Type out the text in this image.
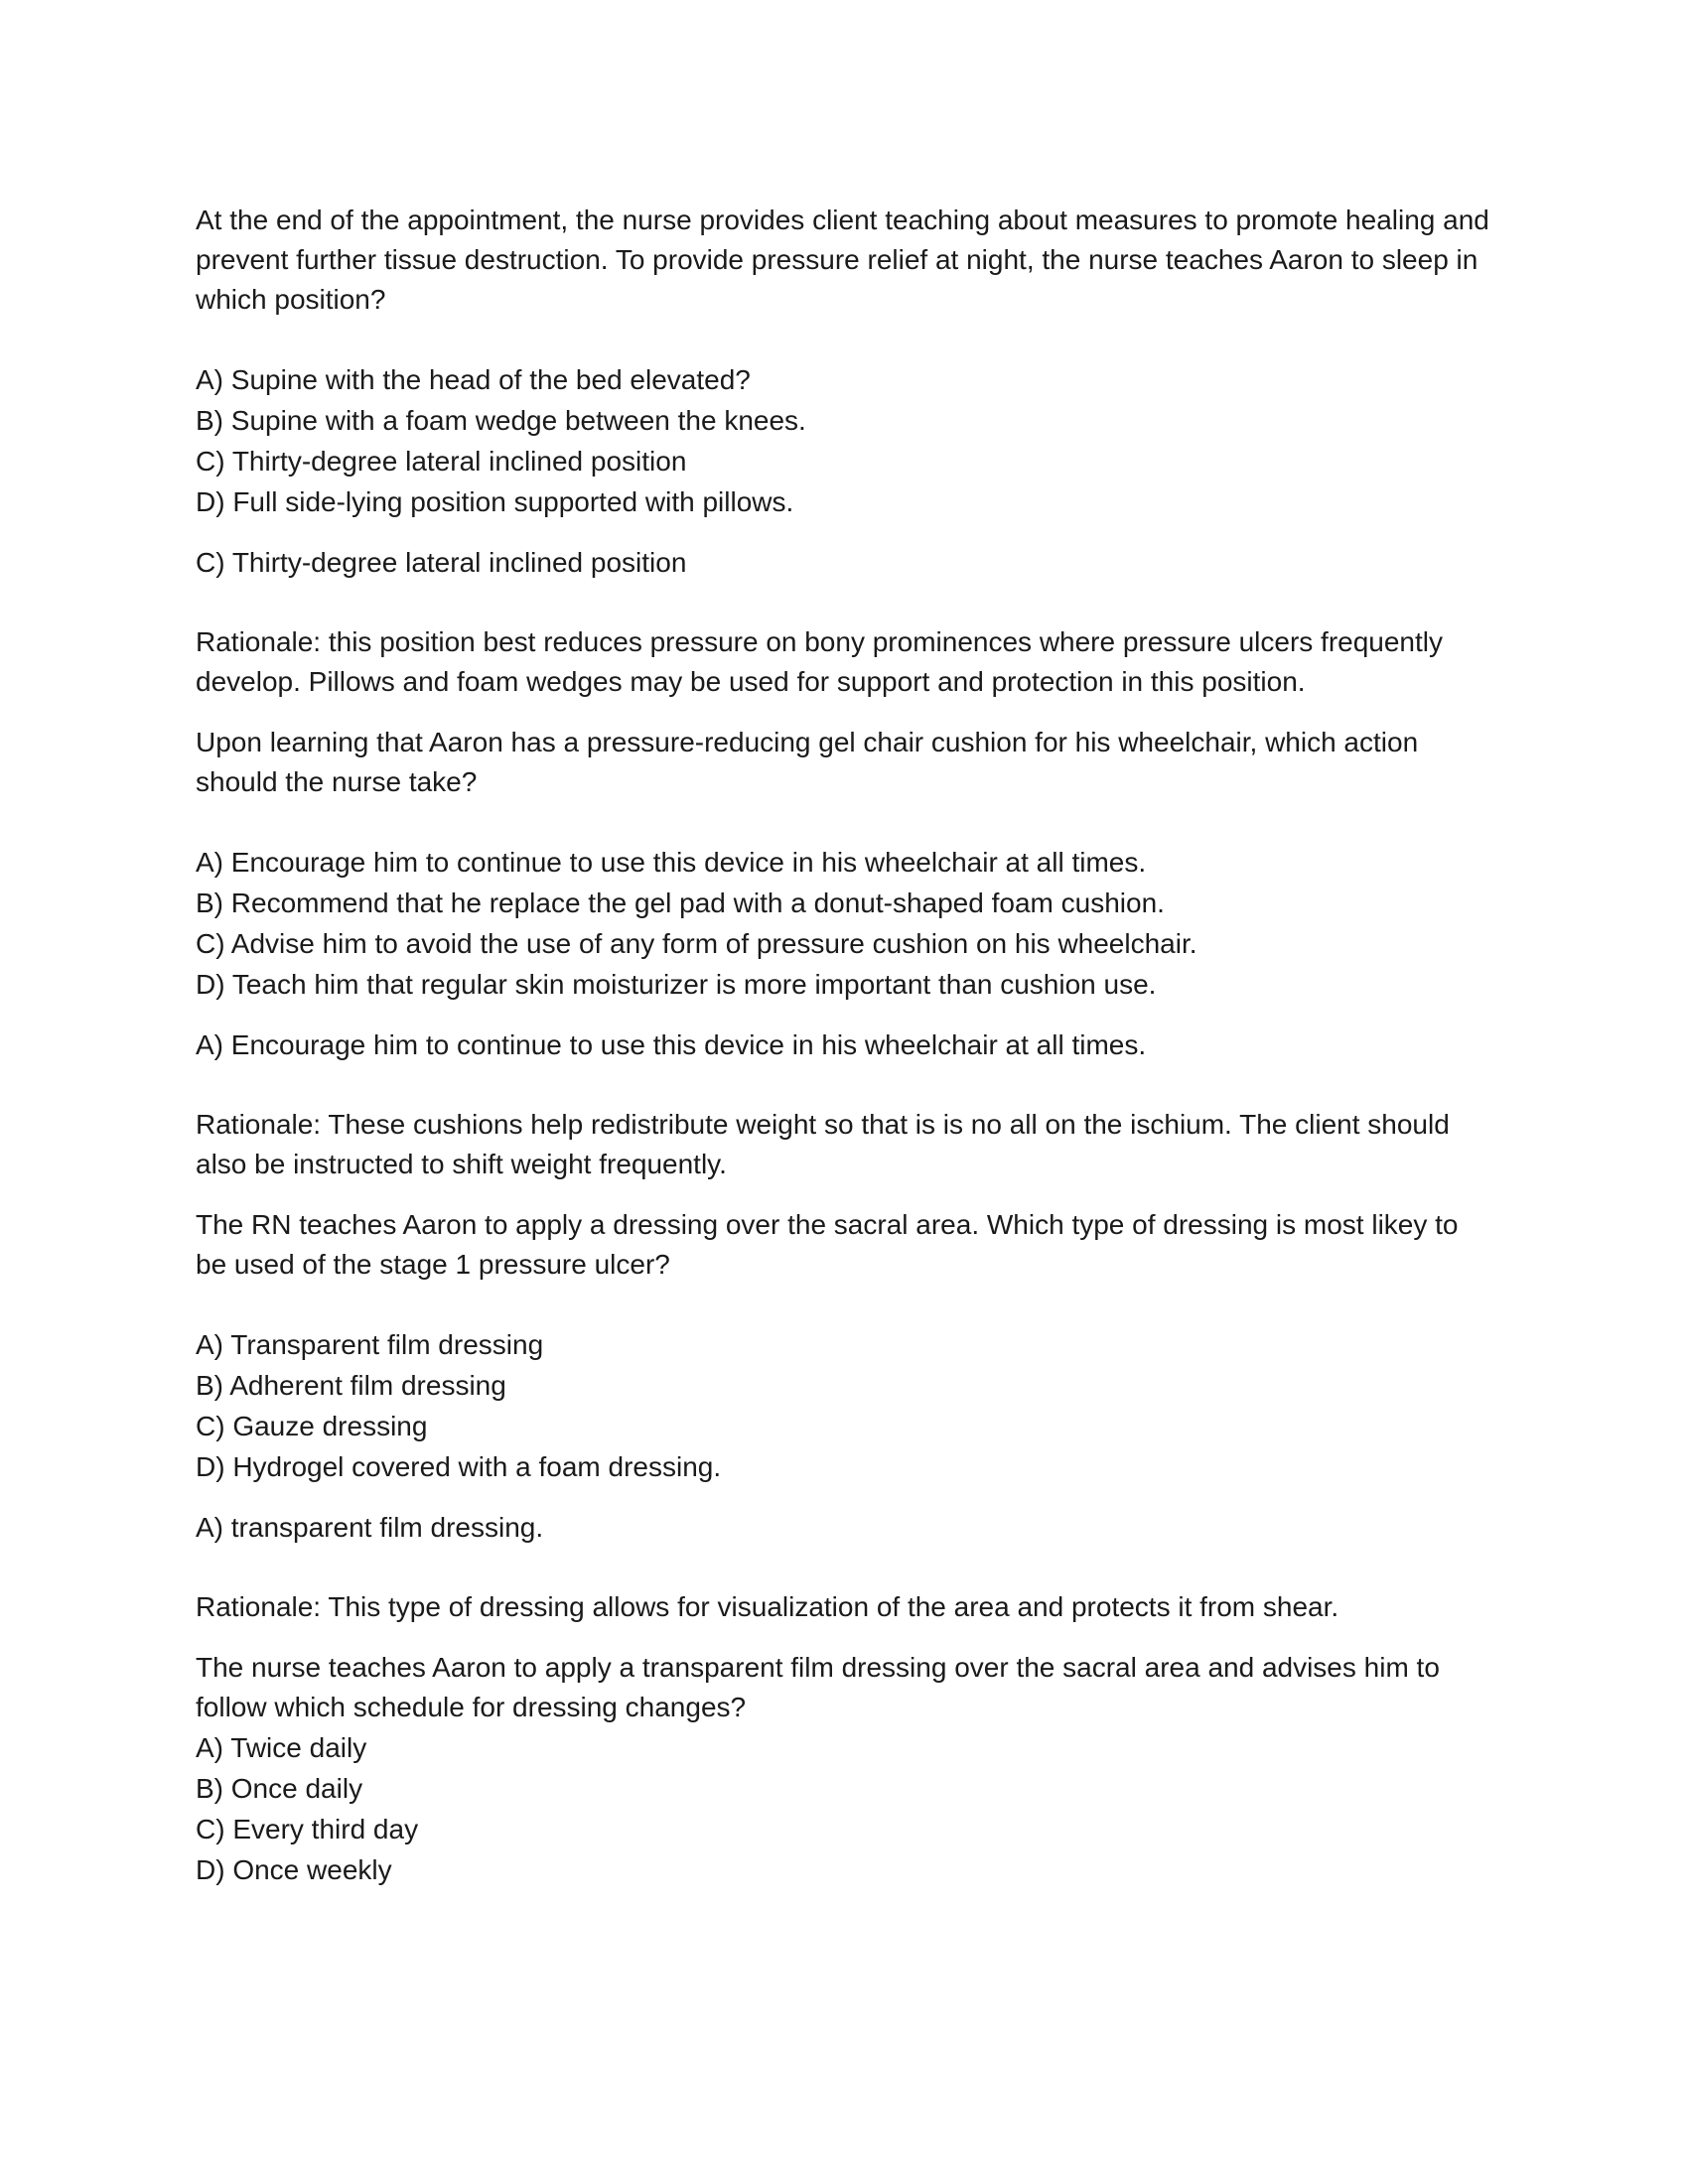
At the end of the appointment, the nurse provides client teaching about measures to promote healing and prevent further tissue destruction. To provide pressure relief at night, the nurse teaches Aaron to sleep in which position?

A) Supine with the head of the bed elevated?
B) Supine with a foam wedge between the knees.
C) Thirty-degree lateral inclined position
D) Full side-lying position supported with pillows.

C) Thirty-degree lateral inclined position

Rationale: this position best reduces pressure on bony prominences where pressure ulcers frequently develop. Pillows and foam wedges may be used for support and protection in this position.

Upon learning that Aaron has a pressure-reducing gel chair cushion for his wheelchair, which action should the nurse take?

A) Encourage him to continue to use this device in his wheelchair at all times.
B) Recommend that he replace the gel pad with a donut-shaped foam cushion.
C) Advise him to avoid the use of any form of pressure cushion on his wheelchair.
D) Teach him that regular skin moisturizer is more important than cushion use.

A) Encourage him to continue to use this device in his wheelchair at all times.

Rationale: These cushions help redistribute weight so that is is no all on the ischium. The client should also be instructed to shift weight frequently.

The RN teaches Aaron to apply a dressing over the sacral area. Which type of dressing is most likey to be used of the stage 1 pressure ulcer?

A) Transparent film dressing
B) Adherent film dressing
C) Gauze dressing
D) Hydrogel covered with a foam dressing.

A) transparent film dressing.

Rationale: This type of dressing allows for visualization of the area and protects it from shear.

The nurse teaches Aaron to apply a transparent film dressing over the sacral area and advises him to follow which schedule for dressing changes?

A) Twice daily
B) Once daily
C) Every third day
D) Once weekly
